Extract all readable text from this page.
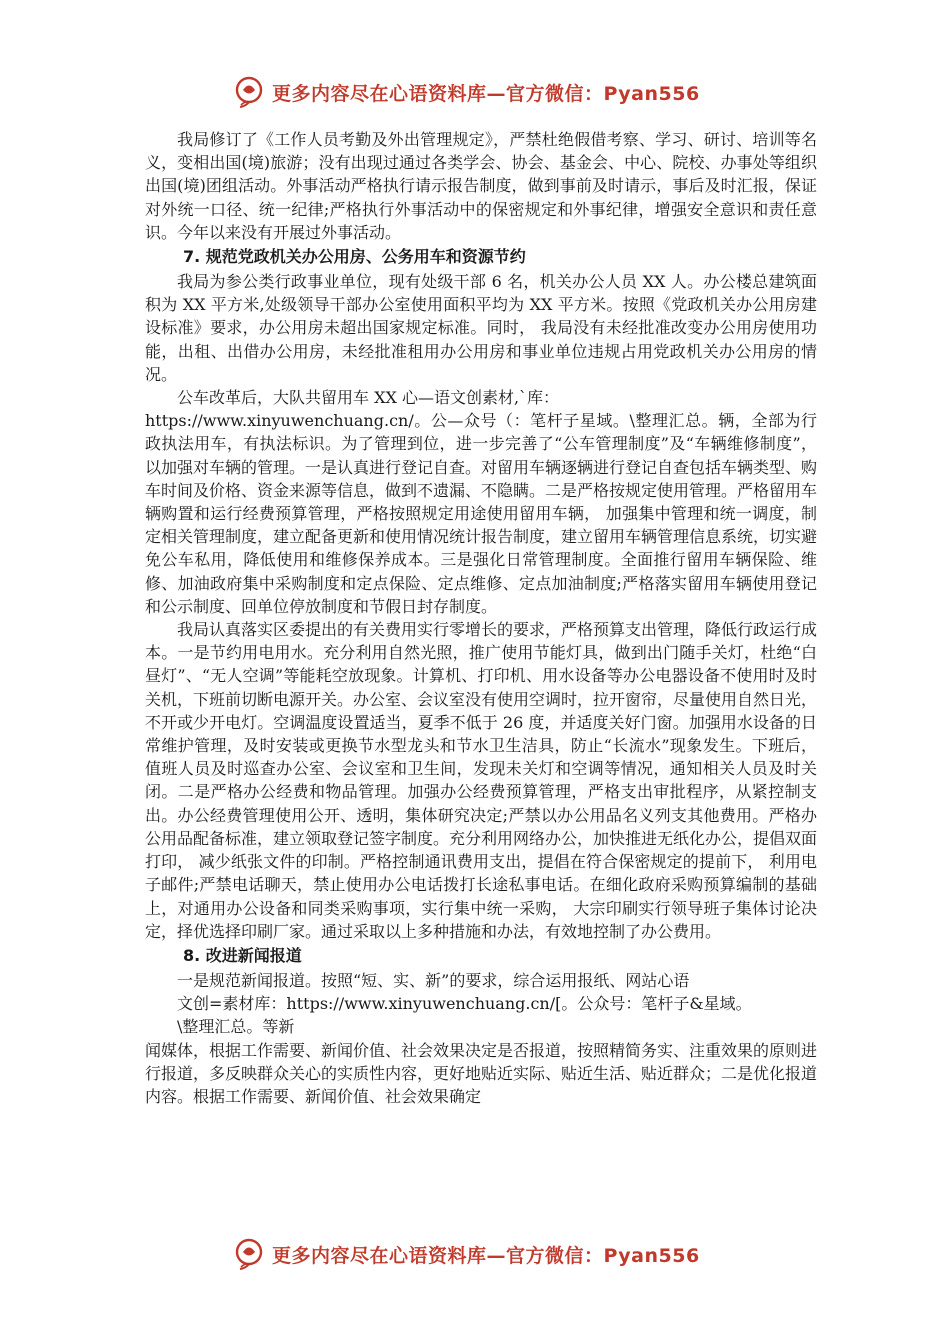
更多内容尽在心语资料库—官方微信：Pyan556

我局修订了《工作人员考勤及外出管理规定》，严禁杜绝假借考察、学习、研讨、培训等名义，变相出国(境)旅游；没有出现过通过各类学会、协会、基金会、中心、院校、办事处等组织出国(境)团组活动。外事活动严格执行请示报告制度，做到事前及时请示，事后及时汇报，保证对外统一口径、统一纪律;严格执行外事活动中的保密规定和外事纪律，增强安全意识和责任意识。今年以来没有开展过外事活动。

7. 规范党政机关办公用房、公务用车和资源节约

我局为参公类行政事业单位，现有处级干部 6 名，机关办公人员 XX 人。办公楼总建筑面积为 XX 平方米,处级领导干部办公室使用面积平均为 XX 平方米。按照《党政机关办公用房建设标准》要求，办公用房未超出国家规定标准。同时， 我局没有未经批准改变办公用房使用功能，出租、出借办公用房，未经批准租用办公用房和事业单位违规占用党政机关办公用房的情况。

公车改革后，大队共留用车 XX 心—语文创素材,`库：

https://www.xinyuwenchuang.cn/。公—众号（：笔杆子星域。\整理汇总。辆，全部为行政执法用车，有执法标识。为了管理到位，进一步完善了“公车管理制度”及“车辆维修制度”，以加强对车辆的管理。一是认真进行登记自查。对留用车辆逐辆进行登记自查包括车辆类型、购车时间及价格、资金来源等信息，做到不遗漏、不隐瞒。二是严格按规定使用管理。严格留用车辆购置和运行经费预算管理，严格按照规定用途使用留用车辆， 加强集中管理和统一调度，制定相关管理制度，建立配备更新和使用情况统计报告制度，建立留用车辆管理信息系统，切实避免公车私用，降低使用和维修保养成本。三是强化日常管理制度。全面推行留用车辆保险、维修、加油政府集中采购制度和定点保险、定点维修、定点加油制度;严格落实留用车辆使用登记和公示制度、回单位停放制度和节假日封存制度。

我局认真落实区委提出的有关费用实行零增长的要求，严格预算支出管理，降低行政运行成本。一是节约用电用水。充分利用自然光照，推广使用节能灯具，做到出门随手关灯，杜绝“白昼灯”、“无人空调”等能耗空放现象。计算机、打印机、用水设备等办公电器设备不使用时及时关机，下班前切断电源开关。办公室、会议室没有使用空调时，拉开窗帘，尽量使用自然日光，不开或少开电灯。空调温度设置适当，夏季不低于 26 度，并适度关好门窗。加强用水设备的日常维护管理，及时安装或更换节水型龙头和节水卫生洁具，防止“长流水”现象发生。下班后，值班人员及时巡查办公室、会议室和卫生间，发现未关灯和空调等情况，通知相关人员及时关闭。二是严格办公经费和物品管理。加强办公经费预算管理，严格支出审批程序，从紧控制支出。办公经费管理使用公开、透明，集体研究决定;严禁以办公用品名义列支其他费用。严格办公用品配备标准，建立领取登记签字制度。充分利用网络办公，加快推进无纸化办公，提倡双面打印， 减少纸张文件的印制。严格控制通讯费用支出，提倡在符合保密规定的提前下， 利用电子邮件;严禁电话聊天，禁止使用办公电话拨打长途私事电话。在细化政府采购预算编制的基础上，对通用办公设备和同类采购事项，实行集中统一采购， 大宗印刷实行领导班子集体讨论决定，择优选择印刷厂家。通过采取以上多种措施和办法，有效地控制了办公费用。

8. 改进新闻报道

一是规范新闻报道。按照“短、实、新”的要求，综合运用报纸、网站心语

文创=素材库：https://www.xinyuwenchuang.cn/[。公众号：笔杆子&星域。

\整理汇总。等新

闻媒体，根据工作需要、新闻价值、社会效果决定是否报道，按照精简务实、注重效果的原则进行报道，多反映群众关心的实质性内容，更好地贴近实际、贴近生活、贴近群众；二是优化报道内容。根据工作需要、新闻价值、社会效果确定

更多内容尽在心语资料库—官方微信：Pyan556
